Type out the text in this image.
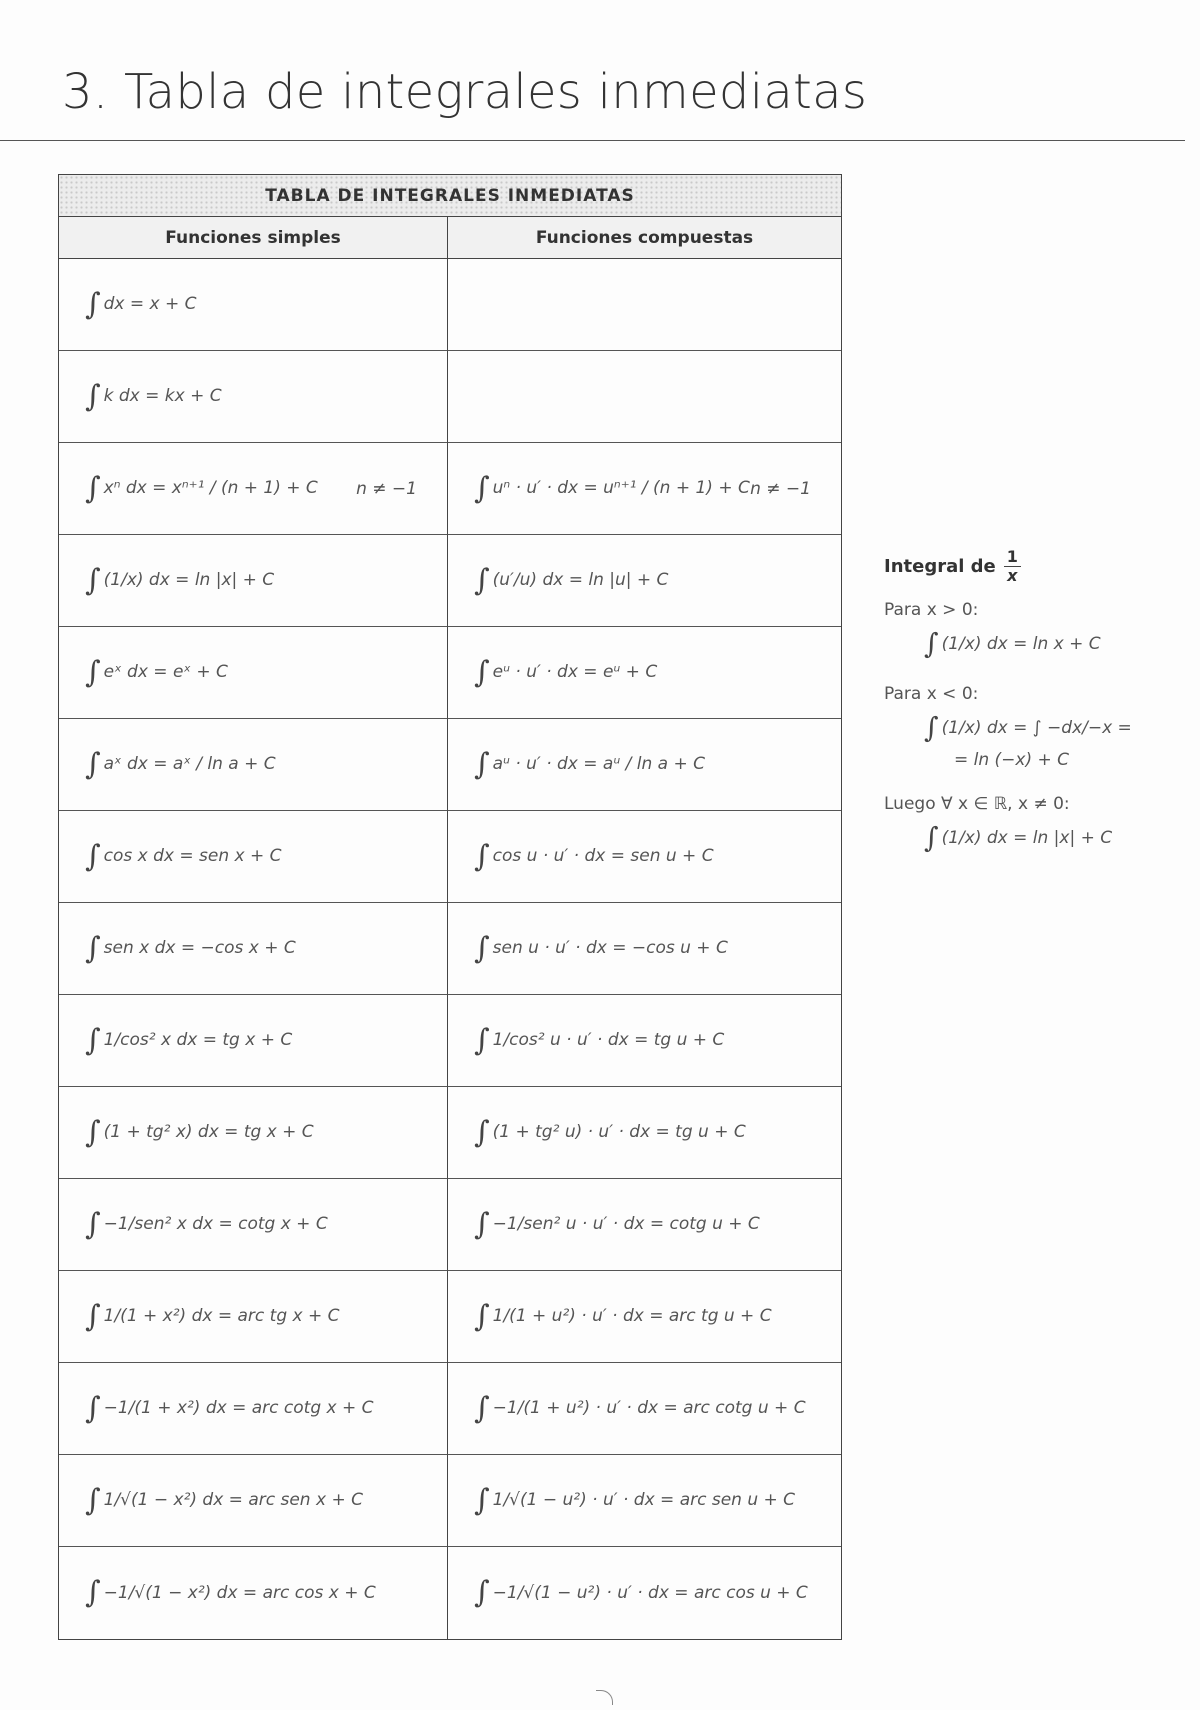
3. Tabla de integrales inmediatas
TABLA DE INTEGRALES INMEDIATAS
Funciones simples	Funciones compuestas
∫ dx = x + C
∫ k dx = kx + C
∫ xⁿ dx = xⁿ⁺¹ / (n + 1) + C n ≠ −1 ∫ uⁿ · u′ · dx = uⁿ⁺¹ / (n + 1) + C n ≠ −1
∫ (1/x) dx = ln |x| + C	∫ (u′/u) dx = ln |u| + C
∫ eˣ dx = eˣ + C	∫ eᵘ · u′ · dx = eᵘ + C
∫ aˣ dx = aˣ / ln a + C	∫ aᵘ · u′ · dx = aᵘ / ln a + C
∫ cos x dx = sen x + C	∫ cos u · u′ · dx = sen u + C
∫ sen x dx = −cos x + C	∫ sen u · u′ · dx = −cos u + C
∫ 1/cos² x dx = tg x + C	∫ 1/cos² u · u′ · dx = tg u + C
∫ (1 + tg² x) dx = tg x + C	∫ (1 + tg² u) · u′ · dx = tg u + C
∫ −1/sen² x dx = cotg x + C	∫ −1/sen² u · u′ · dx = cotg u + C
∫ 1/(1 + x²) dx = arc tg x + C	∫ 1/(1 + u²) · u′ · dx = arc tg u + C
∫ −1/(1 + x²) dx = arc cotg x + C	∫ −1/(1 + u²) · u′ · dx = arc cotg u + C
∫ 1/√(1 − x²) dx = arc sen x + C	∫ 1/√(1 − u²) · u′ · dx = arc sen u + C
∫ −1/√(1 − x²) dx = arc cos x + C	∫ −1/√(1 − u²) · u′ · dx = arc cos u + C
Integral de $\frac{1}{x}$
Para x > 0:
∫ (1/x) dx = ln x + C
Para x < 0:
∫ (1/x) dx = ∫ −dx/−x =
= ln (−x) + C
Luego ∀ x ∈ ℝ, x ≠ 0:
∫ (1/x) dx = ln |x| + C
